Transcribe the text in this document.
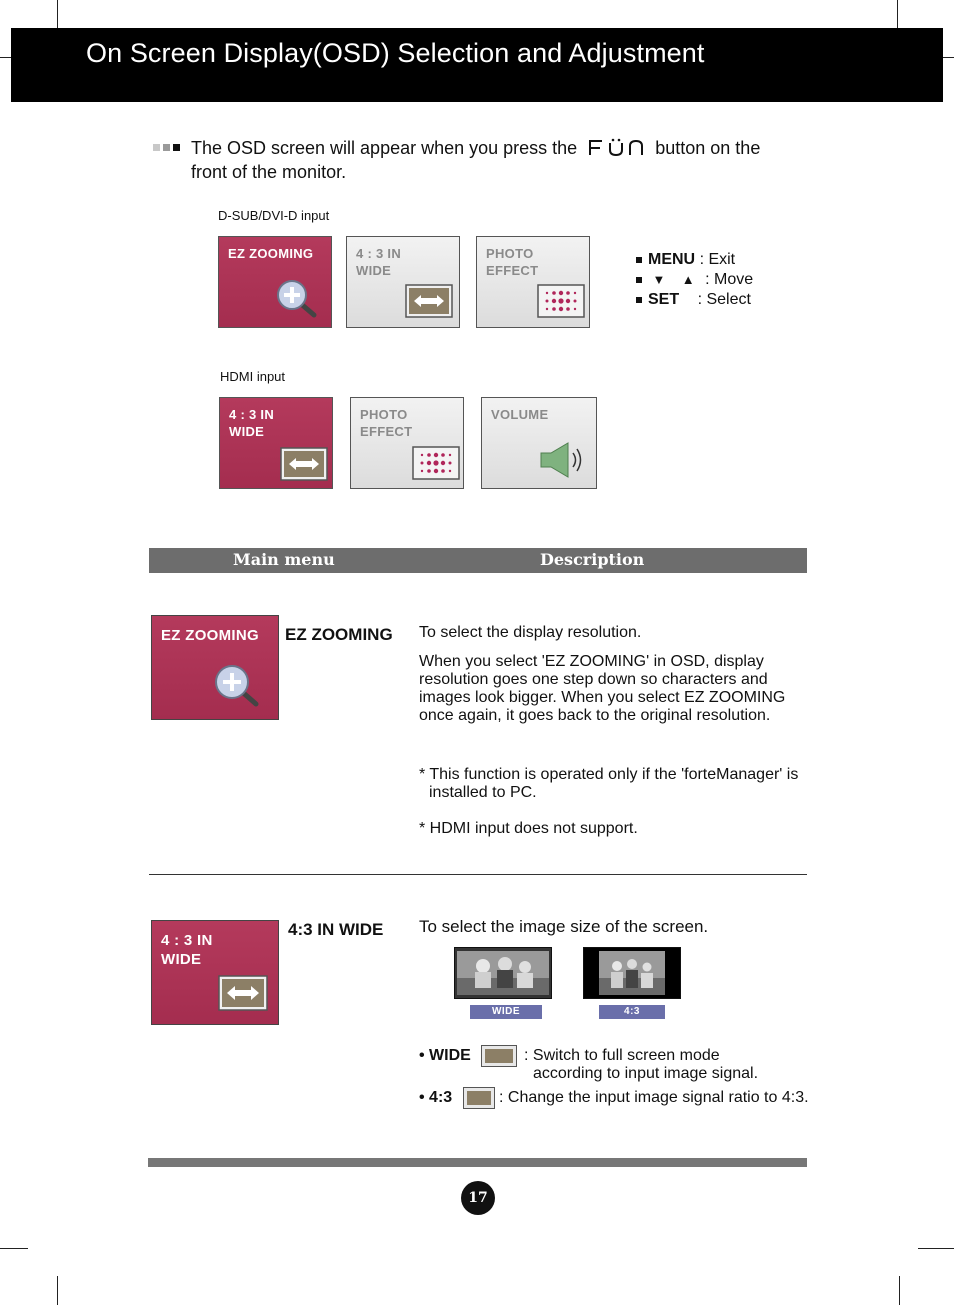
On Screen Display(OSD) Selection and Adjustment
The OSD screen will appear when you press the	button on the front of the monitor.
D-SUB/DVI-D input
EZ ZOOMING	4 : 3 IN
WIDE
PHOTO
EFFECT
MENU : Exit
▼ ▲ : Move
SET : Select
HDMI input
4 : 3 IN
WIDE
PHOTO
EFFECT
VOLUME
Main menu	Description
EZ ZOOMING EZ ZOOMING To select the display resolution.
When you select 'EZ ZOOMING' in OSD, display resolution goes one step down so characters and images look bigger. When you select EZ ZOOMING once again, it goes back to the original resolution.
* This function is operated only if the 'forteManager' is installed to PC.
* HDMI input does not support.
4 : 3 IN
WIDE
4:3 IN WIDE To select the image size of the screen.
WIDE	4:3
• WIDE	: Switch to full screen mode according to input image signal.
• 4:3	: Change the input image signal ratio to 4:3.
17
